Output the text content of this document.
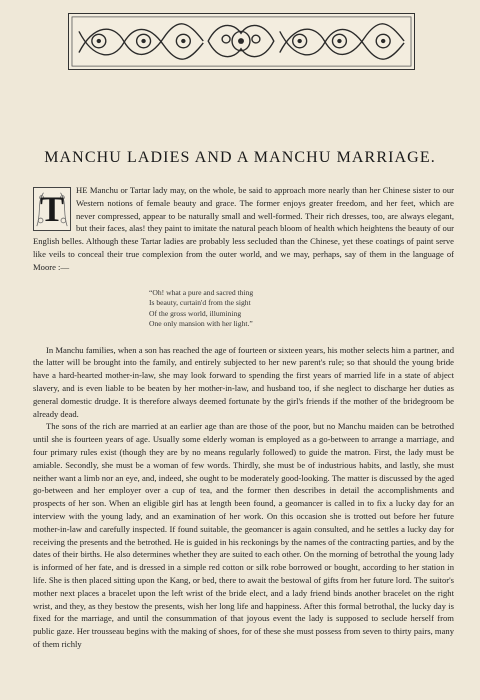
MANCHU LADIES AND A MANCHU MARRIAGE.
T	HE Manchu or Tartar lady may, on the whole, be said to approach more nearly than her Chinese sister to our Western notions of female beauty and grace. The former enjoys greater freedom, and her feet, which are never compressed, appear to be naturally small and well-formed. Their rich dresses, too, are always elegant, but their faces, alas! they paint to imitate the natural peach bloom of health which heightens the beauty of our English belles. Although these Tartar ladies are probably less secluded than the Chinese, yet these coatings of paint serve like veils to conceal their true complexion from the outer world, and we may, perhaps, say of them in the language of Moore :—

“Oh! what a pure and sacred thing
Is beauty, curtain'd from the sight
Of the gross world, illumining
One only mansion with her light.”

In Manchu families, when a son has reached the age of fourteen or sixteen years, his mother selects him a partner, and the latter will be brought into the family, and entirely subjected to her new parent's rule; so that should the young bride have a hard-hearted mother-in-law, she may look forward to spending the first years of married life in a state of abject slavery, and is even liable to be beaten by her mother-in-law, and husband too, if she neglect to discharge her duties as general domestic drudge. It is therefore always deemed fortunate by the girl's friends if the mother of the bridegroom be already dead.

The sons of the rich are married at an earlier age than are those of the poor, but no Manchu maiden can be betrothed until she is fourteen years of age. Usually some elderly woman is employed as a go-between to arrange a marriage, and four primary rules exist (though they are by no means regularly followed) to guide the matron. First, the lady must be amiable. Secondly, she must be a woman of few words. Thirdly, she must be of industrious habits, and lastly, she must neither want a limb nor an eye, and, indeed, she ought to be moderately good-looking. The matter is discussed by the aged go-between and her employer over a cup of tea, and the former then describes in detail the accomplishments and prospects of her son. When an eligible girl has at length been found, a geomancer is called in to fix a lucky day for an interview with the young lady, and an examination of her work. On this occasion she is trotted out before her future mother-in-law and carefully inspected. If found suitable, the geomancer is again consulted, and he settles a lucky day for receiving the presents and the betrothed. He is guided in his reckonings by the names of the contracting parties, and by the dates of their births. He also determines whether they are suited to each other. On the morning of betrothal the young lady is informed of her fate, and is dressed in a simple red cotton or silk robe borrowed or bought, according to her station in life. She is then placed sitting upon the Kang, or bed, there to await the bestowal of gifts from her future lord. The suitor's mother next places a bracelet upon the left wrist of the bride elect, and a lady friend binds another bracelet on the right wrist, and they, as they bestow the presents, wish her long life and happiness. After this formal betrothal, the lucky day is fixed for the marriage, and until the consummation of that joyous event the lady is supposed to seclude herself from public gaze. Her trousseau begins with the making of shoes, for of these she must possess from seven to thirty pairs, many of them richly
